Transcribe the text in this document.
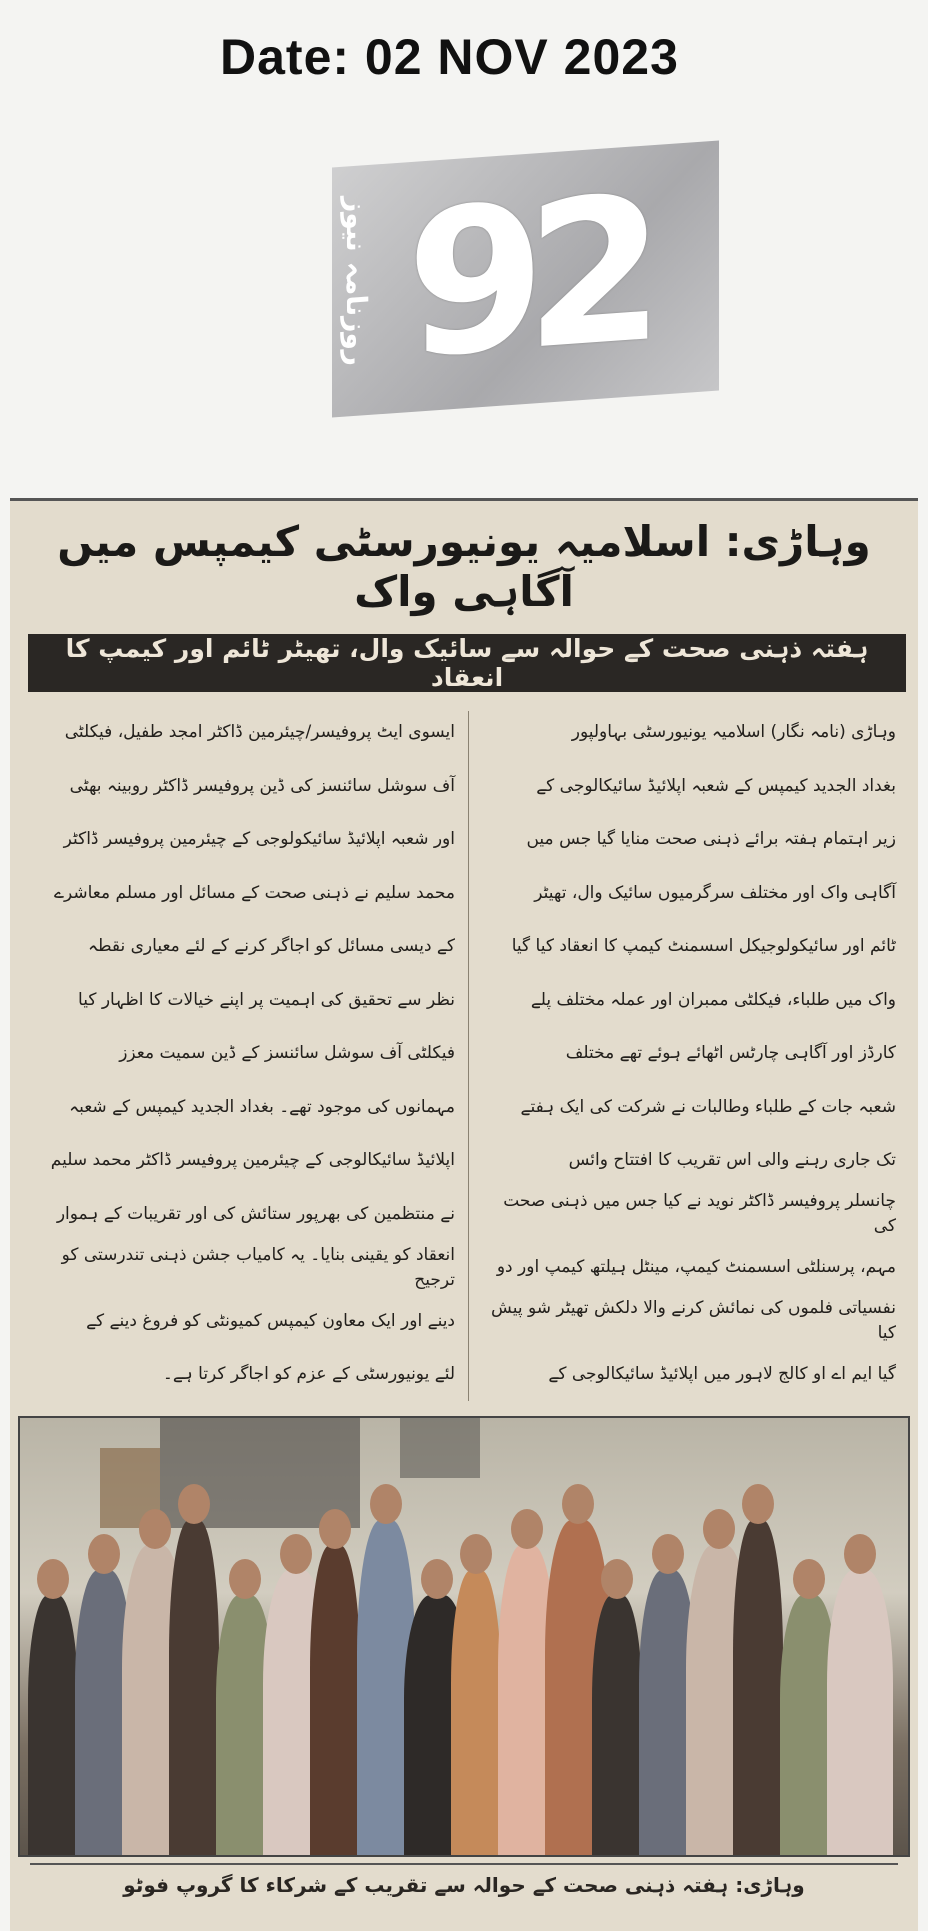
Date: 02 NOV 2023
روزنامہ نیوز 92
وہاڑی: اسلامیہ یونیورسٹی کیمپس میں آگاہی واک
ہفتہ ذہنی صحت کے حوالہ سے سائیک وال، تھیٹر ٹائم اور کیمپ کا انعقاد

وہاڑی (نامہ نگار) اسلامیہ یونیورسٹی بہاولپور

بغداد الجدید کیمپس کے شعبہ اپلائیڈ سائیکالوجی کے

زیر اہتمام ہفتہ برائے ذہنی صحت منایا گیا جس میں

آگاہی واک اور مختلف سرگرمیوں سائیک وال، تھیٹر

ٹائم اور سائیکولوجیکل اسسمنٹ کیمپ کا انعقاد کیا گیا

واک میں طلباء، فیکلٹی ممبران اور عملہ مختلف پلے

کارڈز اور آگاہی چارٹس اٹھائے ہوئے تھے مختلف

شعبہ جات کے طلباء وطالبات نے شرکت کی ایک ہفتے

تک جاری رہنے والی اس تقریب کا افتتاح وائس

چانسلر پروفیسر ڈاکٹر نوید نے کیا جس میں ذہنی صحت کی

مہم، پرسنلٹی اسسمنٹ کیمپ، مینٹل ہیلتھ کیمپ اور دو

نفسیاتی فلموں کی نمائش کرنے والا دلکش تھیٹر شو پیش کیا

گیا ایم اے او کالج لاہور میں اپلائیڈ سائیکالوجی کے

ایسوی ایٹ پروفیسر/چیئرمین ڈاکٹر امجد طفیل، فیکلٹی

آف سوشل سائنسز کی ڈین پروفیسر ڈاکٹر روبینہ بھٹی

اور شعبہ اپلائیڈ سائیکولوجی کے چیئرمین پروفیسر ڈاکٹر

محمد سلیم نے ذہنی صحت کے مسائل اور مسلم معاشرے

کے دیسی مسائل کو اجاگر کرنے کے لئے معیاری نقطہ

نظر سے تحقیق کی اہمیت پر اپنے خیالات کا اظہار کیا

فیکلٹی آف سوشل سائنسز کے ڈین سمیت معزز

مہمانوں کی موجود تھے۔ بغداد الجدید کیمپس کے شعبہ

اپلائیڈ سائیکالوجی کے چیئرمین پروفیسر ڈاکٹر محمد سلیم

نے منتظمین کی بھرپور ستائش کی اور تقریبات کے ہموار

انعقاد کو یقینی بنایا۔ یہ کامیاب جشن ذہنی تندرستی کو ترجیح

دینے اور ایک معاون کیمپس کمیونٹی کو فروغ دینے کے

لئے یونیورسٹی کے عزم کو اجاگر کرتا ہے۔

وہاڑی: ہفتہ ذہنی صحت کے حوالہ سے تقریب کے شرکاء کا گروپ فوٹو
